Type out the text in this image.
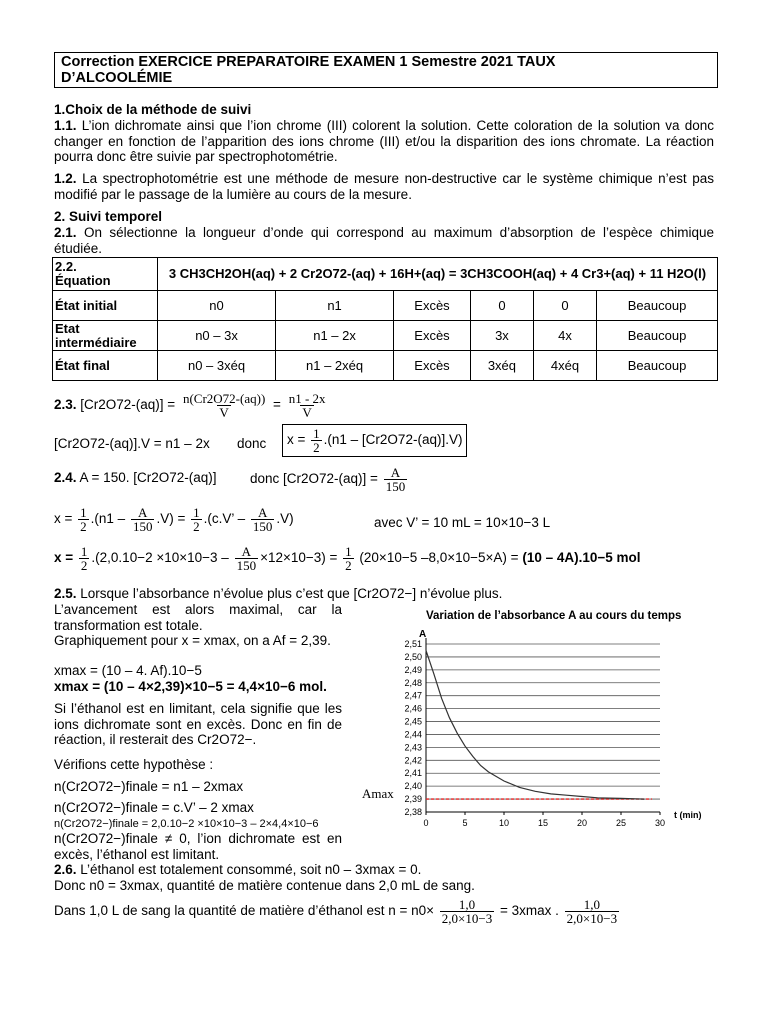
Correction EXERCICE PREPARATOIRE EXAMEN 1 Semestre 2021 TAUX
D’ALCOOLÉMIE
1.Choix de la méthode de suivi
1.1. L’ion dichromate ainsi que l’ion chrome (III) colorent la solution. Cette coloration de la solution va donc changer en fonction de l’apparition des ions chrome (III) et/ou la disparition des ions chromate. La réaction pourra donc être suivie par spectrophotométrie.
1.2. La spectrophotométrie est une méthode de mesure non-destructive car le système chimique n’est pas modifié par le passage de la lumière au cours de la mesure.
2. Suivi temporel
2.1. On sélectionne la longueur d’onde qui correspond au maximum d’absorption de l’espèce chimique étudiée.
2.2.
Équation	3 CH3CH2OH(aq) + 2 Cr2O72-(aq) + 16H+(aq) = 3CH3COOH(aq) + 4 Cr3+(aq) + 11 H2O(l)					
État initial	n0	n1	Excès	0	0	Beaucoup
Etat intermédiaire	n0 – 3x	n1 – 2x	Excès	3x	4x	Beaucoup
État final	n0 – 3xéq	n1 – 2xéq	Excès	3xéq	4xéq	Beaucoup
2.3. $[Cr2O72-(aq)] = \frac{n(Cr2O72-(aq))}{V} = \frac{n1 - 2x}{V}$
[Cr2O72-(aq)].V = n1 – 2x donc	$x = \frac{1}{2} .(n1 - [Cr2O72-(aq)].V)$
2.4. A = 150. [Cr2O72-(aq)] donc $[Cr2O72-(aq)] = \frac{A}{150}$
$x = \frac{1}{2} .(n1 - \frac{A}{150} .V) = \frac{1}{2} .(c.V$’ – $\frac{A}{150} .V$)	avec V’ = 10 mL = 10×10−3 L
$x = \frac{1}{2} .(2,0.10-2 \times 10\times 10-3 - \frac{A}{150} \times 12\times 10-3) = \frac{1}{2} (20\times 10-5$ –8,0×10−5×A) = (10 – 4A).10−5 mol
2.5. Lorsque l’absorbance n’évolue plus c’est que [Cr2O72−] n’évolue plus.
L’avancement est alors maximal, car la transformation est totale.
Graphiquement pour x = xmax, on a Af = 2,39.
xmax = (10 – 4. Af).10−5
xmax = (10 – 4×2,39)×10−5 = 4,4×10−6 mol.
Si l’éthanol est en limitant, cela signifie que les ions dichromate sont en excès. Donc en fin de réaction, il resterait des Cr2O72−.
Vérifions cette hypothèse :
n(Cr2O72−)finale = n1 – 2xmax
n(Cr2O72−)finale = c.V’ – 2 xmax
n(Cr2O72−)finale = 2,0.10−2 ×10×10−3 – 2×4,4×10−6
n(Cr2O72−)finale ≠ 0, l’ion dichromate est en excès, l’éthanol est limitant.
Variation de l’absorbance A au cours du temps
Amax
2,38
2,39
2,40
2,41
2,42
2,43
2,44
2,45
2,46
2,47
2,48
2,49
2,50
2,51
0	5	10	15	20	25	30
A
t (min)
2.6. L’éthanol est totalement consommé, soit n0 – 3xmax = 0.
Donc n0 = 3xmax, quantité de matière contenue dans 2,0 mL de sang.
Dans 1,0 L de sang la quantité de matière d’éthanol est $n = n0\times \frac{1,0}{2,0\times 10-3} = 3xmax$ . $\frac{1,0}{2,0\times 10-3}$
